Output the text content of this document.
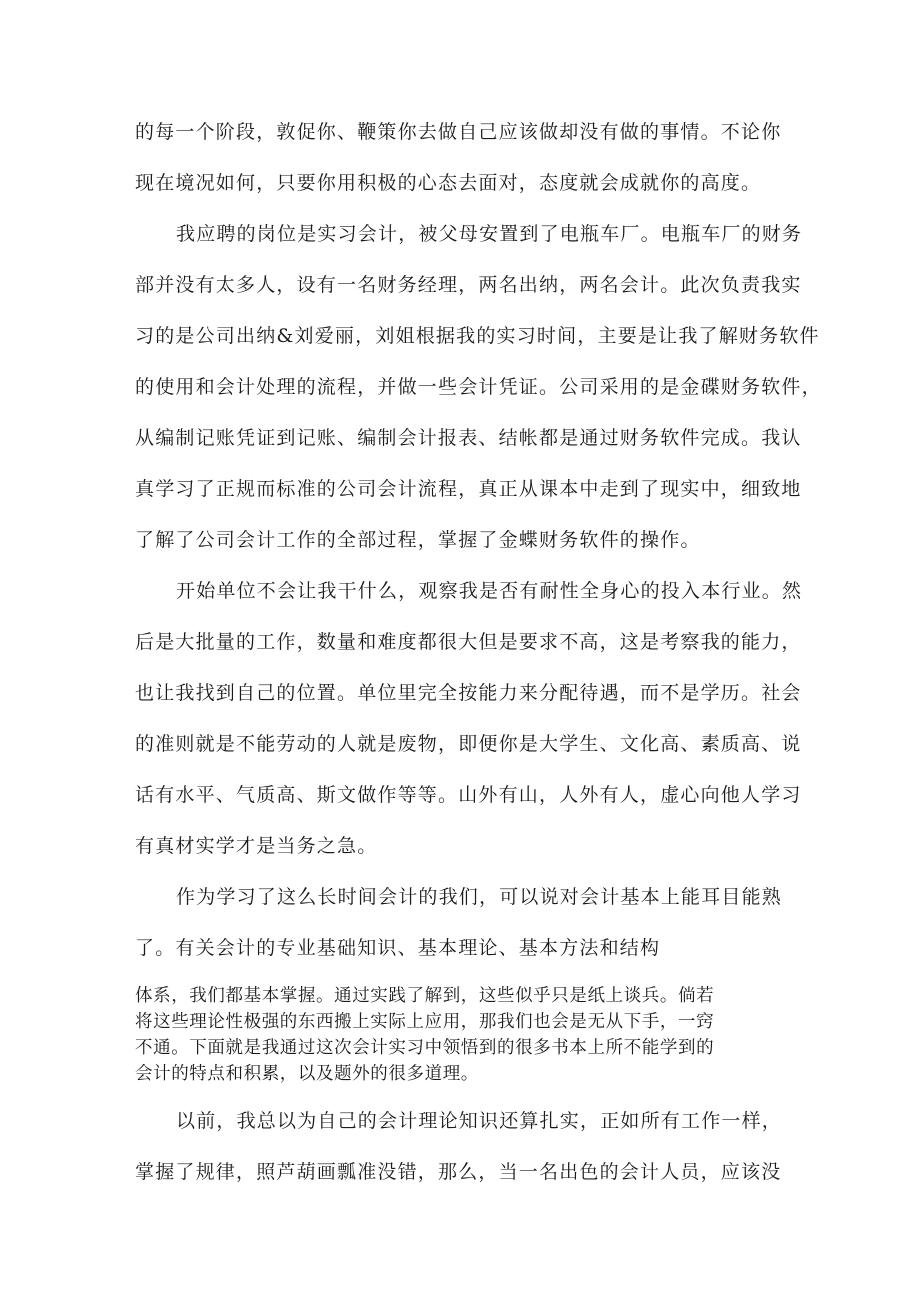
的每一个阶段，敦促你、鞭策你去做自己应该做却没有做的事情。不论你
现在境况如何，只要你用积极的心态去面对，态度就会成就你的高度。
我应聘的岗位是实习会计，被父母安置到了电瓶车厂。电瓶车厂的财务
部并没有太多人，设有一名财务经理，两名出纳，两名会计。此次负责我实
习的是公司出纳&刘爱丽，刘姐根据我的实习时间，主要是让我了解财务软件
的使用和会计处理的流程，并做一些会计凭证。公司采用的是金碟财务软件，
从编制记账凭证到记账、编制会计报表、结帐都是通过财务软件完成。我认
真学习了正规而标准的公司会计流程，真正从课本中走到了现实中，细致地
了解了公司会计工作的全部过程，掌握了金蝶财务软件的操作。
开始单位不会让我干什么，观察我是否有耐性全身心的投入本行业。然
后是大批量的工作，数量和难度都很大但是要求不高，这是考察我的能力，
也让我找到自己的位置。单位里完全按能力来分配待遇，而不是学历。社会
的准则就是不能劳动的人就是废物，即便你是大学生、文化高、素质高、说
话有水平、气质高、斯文做作等等。山外有山，人外有人，虚心向他人学习
有真材实学才是当务之急。
作为学习了这么长时间会计的我们，可以说对会计基本上能耳目能熟
了。有关会计的专业基础知识、基本理论、基本方法和结构
体系，我们都基本掌握。通过实践了解到，这些似乎只是纸上谈兵。倘若
将这些理论性极强的东西搬上实际上应用，那我们也会是无从下手，一窍
不通。下面就是我通过这次会计实习中领悟到的很多书本上所不能学到的
会计的特点和积累，以及题外的很多道理。
以前，我总以为自己的会计理论知识还算扎实，正如所有工作一样，
掌握了规律，照芦葫画瓢准没错，那么，当一名出色的会计人员，应该没
